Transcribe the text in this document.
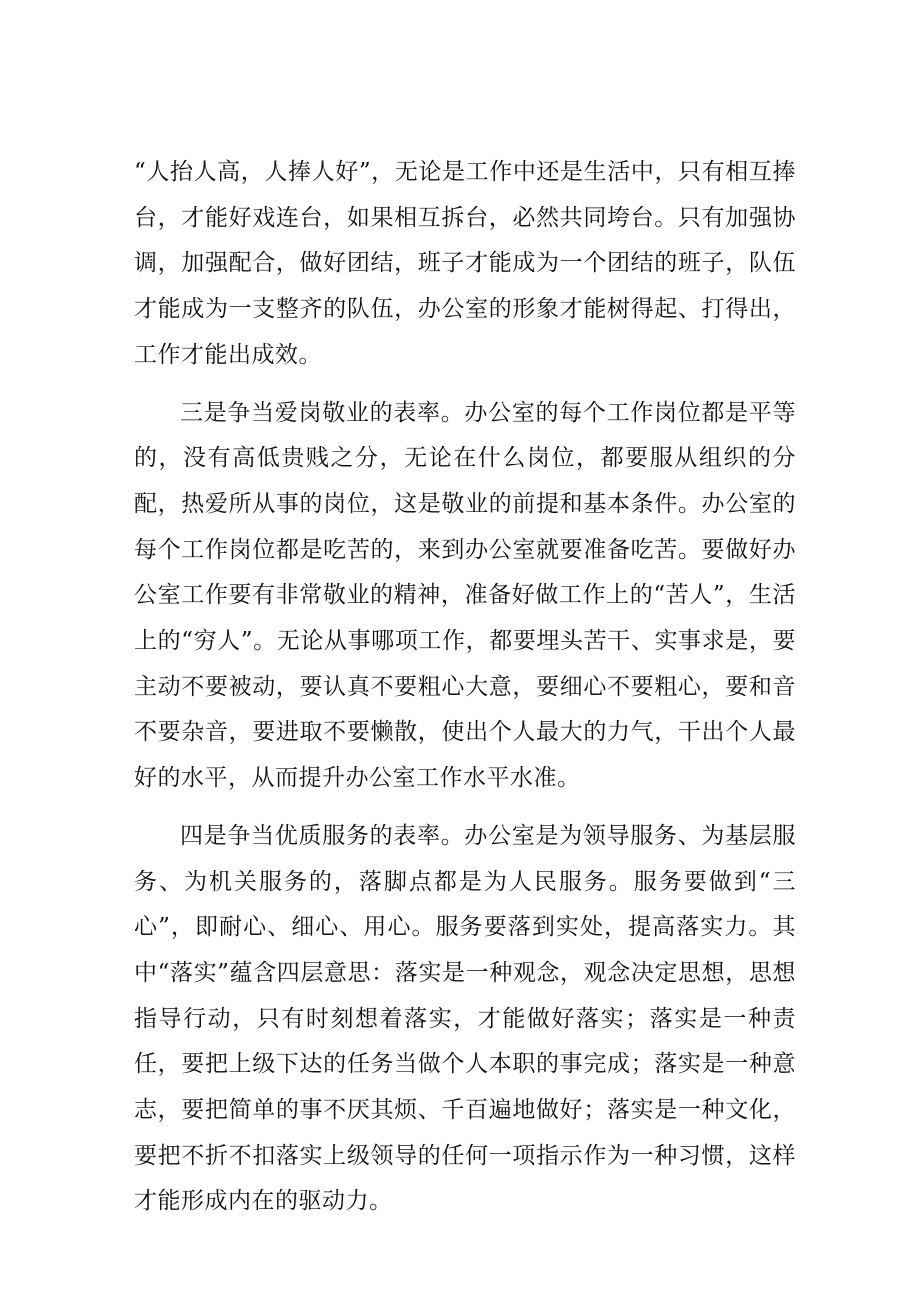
“人抬人高，人捧人好”，无论是工作中还是生活中，只有相互捧台，才能好戏连台，如果相互拆台，必然共同垮台。只有加强协调，加强配合，做好团结，班子才能成为一个团结的班子，队伍才能成为一支整齐的队伍，办公室的形象才能树得起、打得出，工作才能出成效。

三是争当爱岗敬业的表率。办公室的每个工作岗位都是平等的，没有高低贵贱之分，无论在什么岗位，都要服从组织的分配，热爱所从事的岗位，这是敬业的前提和基本条件。办公室的每个工作岗位都是吃苦的，来到办公室就要准备吃苦。要做好办公室工作要有非常敬业的精神，准备好做工作上的“苦人”，生活上的“穷人”。无论从事哪项工作，都要埋头苦干、实事求是，要主动不要被动，要认真不要粗心大意，要细心不要粗心，要和音不要杂音，要进取不要懒散，使出个人最大的力气，干出个人最好的水平，从而提升办公室工作水平水准。

四是争当优质服务的表率。办公室是为领导服务、为基层服务、为机关服务的，落脚点都是为人民服务。服务要做到“三心”，即耐心、细心、用心。服务要落到实处，提高落实力。其中“落实”蕴含四层意思：落实是一种观念，观念决定思想，思想指导行动，只有时刻想着落实，才能做好落实；落实是一种责任，要把上级下达的任务当做个人本职的事完成；落实是一种意志，要把简单的事不厌其烦、千百遍地做好；落实是一种文化，要把不折不扣落实上级领导的任何一项指示作为一种习惯，这样才能形成内在的驱动力。
